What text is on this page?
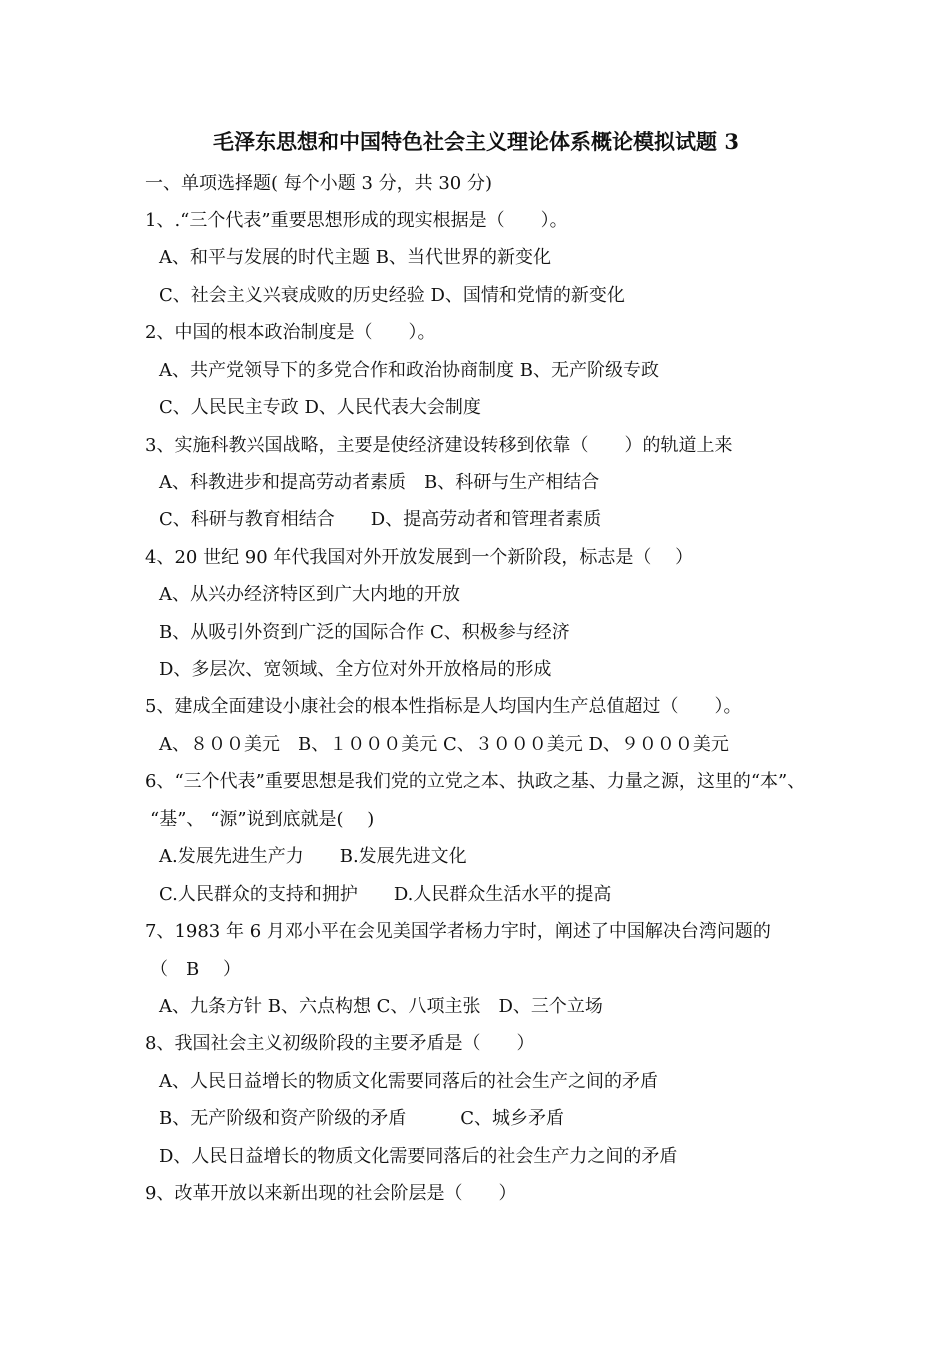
毛泽东思想和中国特色社会主义理论体系概论模拟试题 3
一、单项选择题( 每个小题 3 分，共 30 分)
1、.“三个代表”重要思想形成的现实根据是（　　）。
A、和平与发展的时代主题 B、当代世界的新变化
C、社会主义兴衰成败的历史经验 D、国情和党情的新变化
2、中国的根本政治制度是（　　）。
A、共产党领导下的多党合作和政治协商制度 B、无产阶级专政
C、人民民主专政 D、人民代表大会制度
3、实施科教兴国战略，主要是使经济建设转移到依靠（　　）的轨道上来
A、科教进步和提高劳动者素质　B、科研与生产相结合
C、科研与教育相结合　　D、提高劳动者和管理者素质
4、20 世纪 90 年代我国对外开放发展到一个新阶段，标志是（　 ）
A、从兴办经济特区到广大内地的开放
B、从吸引外资到广泛的国际合作 C、积极参与经济
D、多层次、宽领域、全方位对外开放格局的形成
5、建成全面建设小康社会的根本性指标是人均国内生产总值超过（　　）。
A、８００美元　B、１０００美元 C、３０００美元 D、９０００美元
6、“三个代表”重要思想是我们党的立党之本、执政之基、力量之源，这里的“本”、
“基”、 “源”说到底就是(　 )
A.发展先进生产力　　B.发展先进文化
C.人民群众的支持和拥护　　D.人民群众生活水平的提高
7、1983 年 6 月邓小平在会见美国学者杨力宇时，阐述了中国解决台湾问题的
（　B　 ）
A、九条方针 B、六点构想 C、八项主张　D、三个立场
8、我国社会主义初级阶段的主要矛盾是（　　）
A、人民日益增长的物质文化需要同落后的社会生产之间的矛盾
B、无产阶级和资产阶级的矛盾　　　C、城乡矛盾
D、人民日益增长的物质文化需要同落后的社会生产力之间的矛盾
9、改革开放以来新出现的社会阶层是（　　）
